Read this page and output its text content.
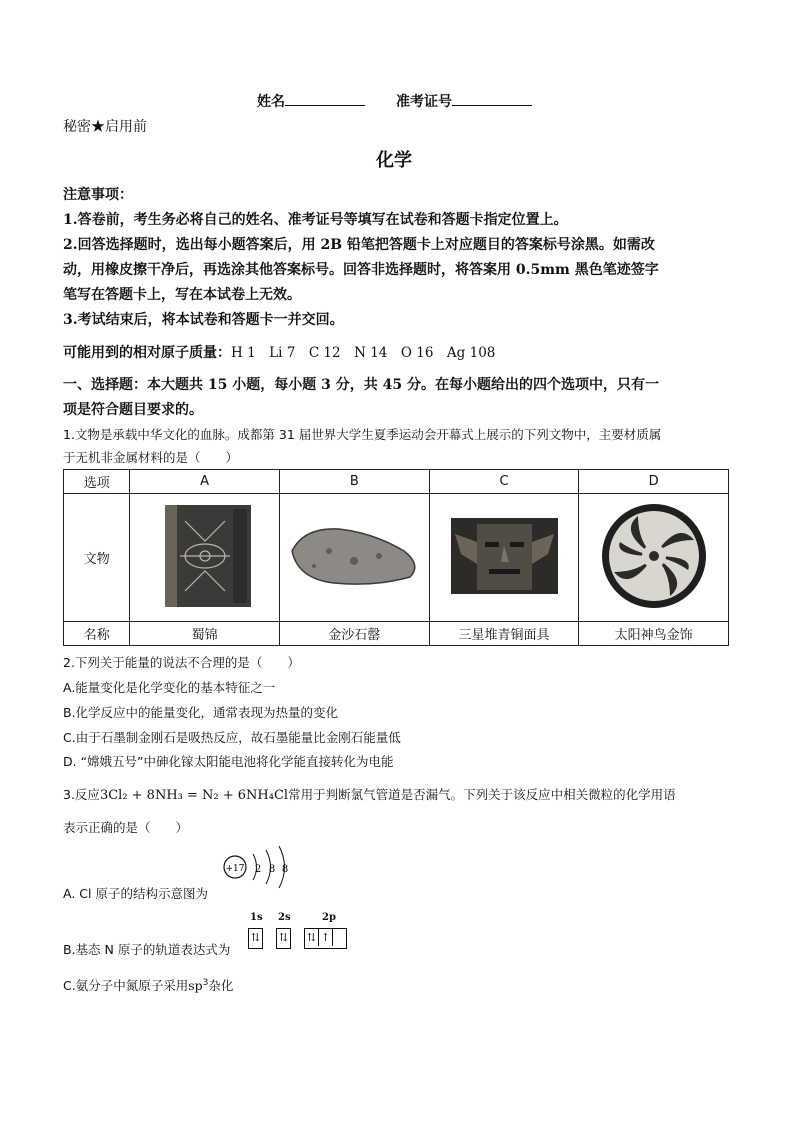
姓名	准考证号
秘密★启用前
化学
注意事项：
1.答卷前，考生务必将自己的姓名、准考证号等填写在试卷和答题卡指定位置上。
2.回答选择题时，选出每小题答案后，用 2B 铅笔把答题卡上对应题目的答案标号涂黑。如需改
动，用橡皮擦干净后，再选涂其他答案标号。回答非选择题时，将答案用 0.5mm 黑色笔迹签字
笔写在答题卡上，写在本试卷上无效。
3.考试结束后，将本试卷和答题卡一并交回。
可能用到的相对原子质量：H 1　Li 7　C 12　N 14　O 16　Ag 108
一、选择题：本大题共 15 小题，每小题 3 分，共 45 分。在每小题给出的四个选项中，只有一
项是符合题目要求的。
1.文物是承载中华文化的血脉。成都第 31 届世界大学生夏季运动会开幕式上展示的下列文物中，主要材质属
于无机非金属材料的是（　　）
选项	A	B	C	D
文物				
名称	蜀锦	金沙石罄	三星堆青铜面具	太阳神鸟金饰
2.下列关于能量的说法不合理的是（　　）
A.能量变化是化学变化的基本特征之一
B.化学反应中的能量变化，通常表现为热量的变化
C.由于石墨制金刚石是吸热反应，故石墨能量比金刚石能量低
D. “嫦娥五号”中砷化镓太阳能电池将化学能直接转化为电能
3.反应3Cl₂ + 8NH₃ = N₂ + 6NH₄Cl常用于判断氯气管道是否漏气。下列关于该反应中相关微粒的化学用语
表示正确的是（　　）
A. Cl 原子的结构示意图为
+17 2 8 8
B.基态 N 原子的轨道表达式为
1s 2s	2p
⇅ ⇅ ⇅ ↑
C.氨分子中氮原子采用$sp^3$杂化
